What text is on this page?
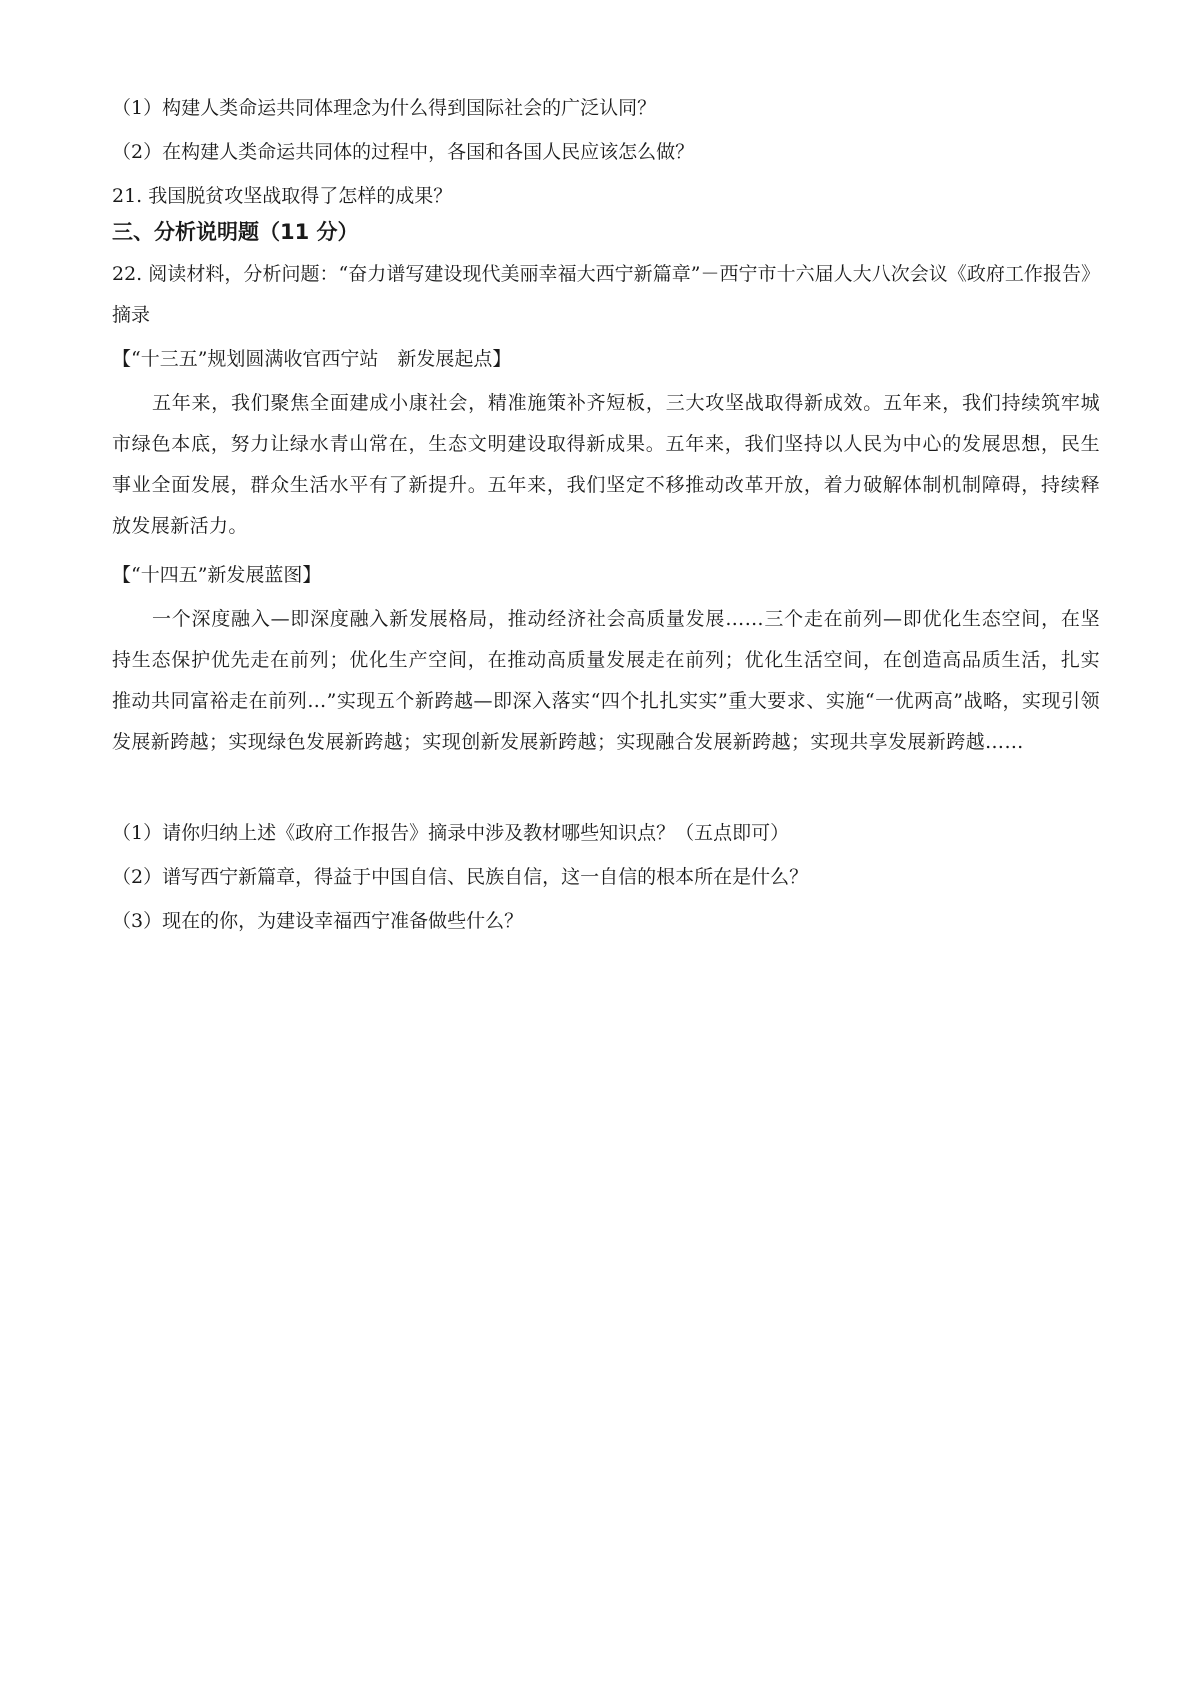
（1）构建人类命运共同体理念为什么得到国际社会的广泛认同？
（2）在构建人类命运共同体的过程中，各国和各国人民应该怎么做？
21. 我国脱贫攻坚战取得了怎样的成果？
三、分析说明题（11 分）
22. 阅读材料，分析问题：“奋力谱写建设现代美丽幸福大西宁新篇章”－西宁市十六届人大八次会议《政府工作报告》摘录
【“十三五”规划圆满收官西宁站　新发展起点】
五年来，我们聚焦全面建成小康社会，精准施策补齐短板，三大攻坚战取得新成效。五年来，我们持续筑牢城市绿色本底，努力让绿水青山常在，生态文明建设取得新成果。五年来，我们坚持以人民为中心的发展思想，民生事业全面发展，群众生活水平有了新提升。五年来，我们坚定不移推动改革开放，着力破解体制机制障碍，持续释放发展新活力。
【“十四五”新发展蓝图】
一个深度融入—即深度融入新发展格局，推动经济社会高质量发展……三个走在前列—即优化生态空间，在坚持生态保护优先走在前列；优化生产空间，在推动高质量发展走在前列；优化生活空间，在创造高品质生活，扎实推动共同富裕走在前列…”实现五个新跨越—即深入落实“四个扎扎实实”重大要求、实施“一优两高”战略，实现引领发展新跨越；实现绿色发展新跨越；实现创新发展新跨越；实现融合发展新跨越；实现共享发展新跨越……
（1）请你归纳上述《政府工作报告》摘录中涉及教材哪些知识点？（五点即可）
（2）谱写西宁新篇章，得益于中国自信、民族自信，这一自信的根本所在是什么？
（3）现在的你，为建设幸福西宁准备做些什么？
